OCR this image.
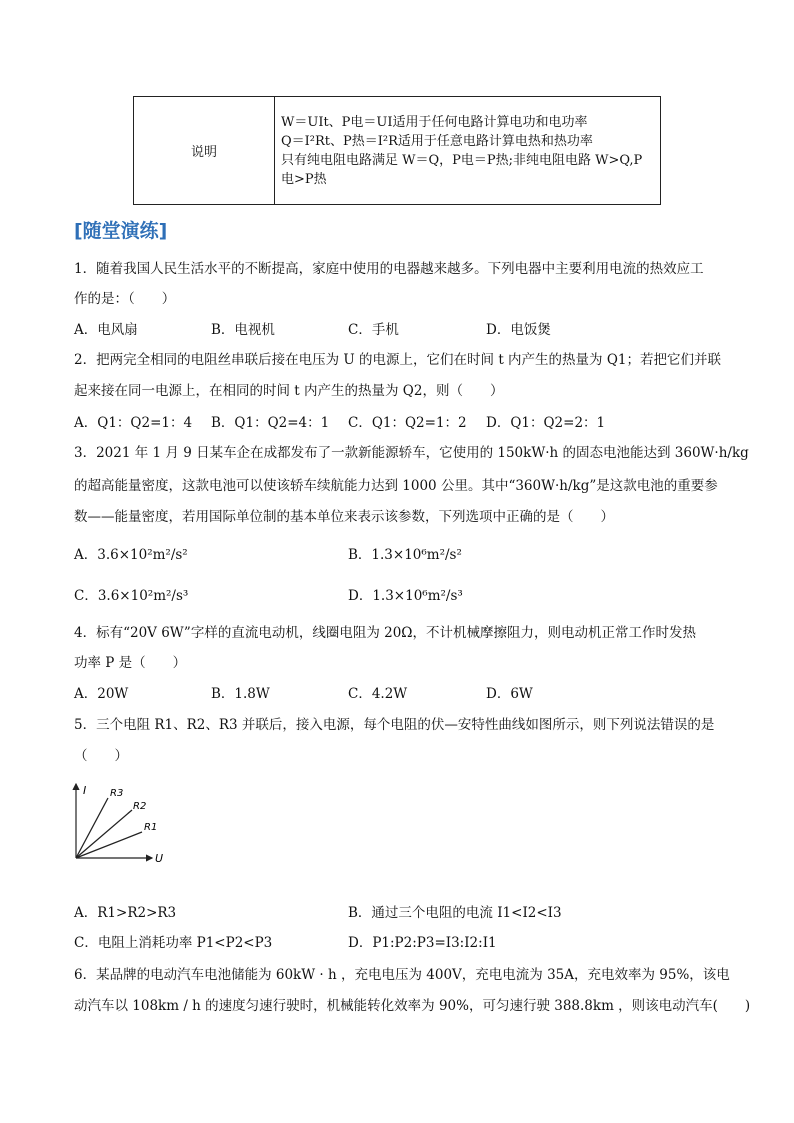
说明	
W＝UIt、P电＝UI适用于任何电路计算电功和电功率
Q＝I²Rt、P热＝I²R适用于任意电路计算电热和热功率
只有纯电阻电路满足 W＝Q，P电＝P热;非纯电阻电路 W>Q,P
电>P热
[随堂演练]
1．随着我国人民生活水平的不断提高，家庭中使用的电器越来越多。下列电器中主要利用电流的热效应工
作的是：（　　）
A．电风扇	B．电视机	C．手机	D．电饭煲
2．把两完全相同的电阻丝串联后接在电压为 U 的电源上，它们在时间 t 内产生的热量为 Q1；若把它们并联
起来接在同一电源上，在相同的时间 t 内产生的热量为 Q2，则（　　）
A．Q1：Q2=1：4 B．Q1：Q2=4：1 C．Q1：Q2=1：2 D．Q1：Q2=2：1
3．2021 年 1 月 9 日某车企在成都发布了一款新能源轿车，它使用的 150kW·h 的固态电池能达到 360W·h/kg
的超高能量密度，这款电池可以使该轿车续航能力达到 1000 公里。其中“360W·h/kg”是这款电池的重要参
数——能量密度，若用国际单位制的基本单位来表示该参数，下列选项中正确的是（　　）
A．3.6×10²m²/s²	B．1.3×10⁶m²/s²
C．3.6×10²m²/s³	D．1.3×10⁶m²/s³
4．标有“20V 6W”字样的直流电动机，线圈电阻为 20Ω，不计机械摩擦阻力，则电动机正常工作时发热
功率 P 是（　　）
A．20W	B．1.8W	C．4.2W	D．6W
5．三个电阻 R1、R2、R3 并联后，接入电源，每个电阻的伏—安特性曲线如图所示，则下列说法错误的是
（　　）
I
U
R3
R2
R1
A．R1>R2>R3	B．通过三个电阻的电流 I1<I2<I3
C．电阻上消耗功率 P1<P2<P3	D．P1:P2:P3=I3:I2:I1
6．某品牌的电动汽车电池储能为 60kW · h ，充电电压为 400V，充电电流为 35A，充电效率为 95%，该电
动汽车以 108km / h 的速度匀速行驶时，机械能转化效率为 90%，可匀速行驶 388.8km ，则该电动汽车(　　)
